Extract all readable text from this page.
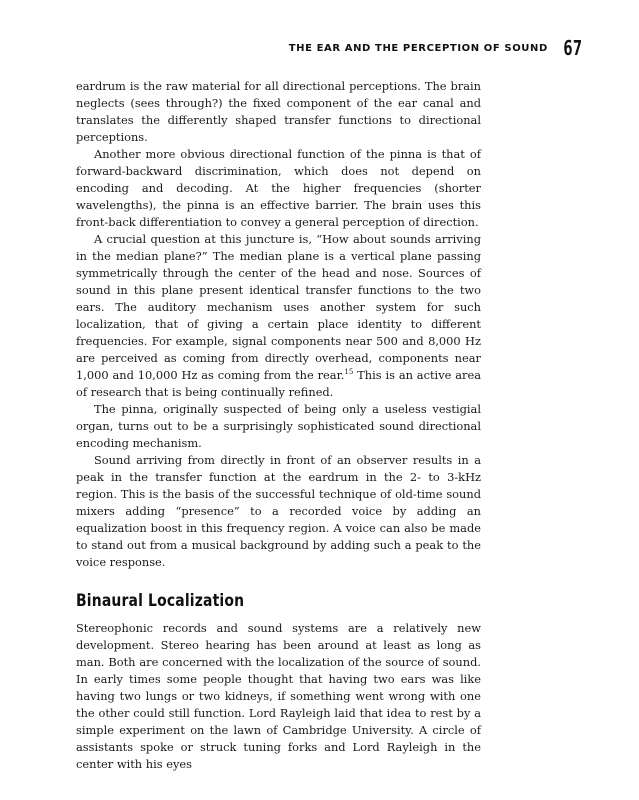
THE EAR AND THE PERCEPTION OF SOUND 67

eardrum is the raw material for all directional perceptions. The brain neglects (sees through?) the fixed component of the ear canal and translates the differently shaped transfer functions to directional perceptions.

Another more obvious directional function of the pinna is that of forward-backward discrimination, which does not depend on encoding and decoding. At the higher frequencies (shorter wavelengths), the pinna is an effective barrier. The brain uses this front-back differentiation to convey a general perception of direction.

A crucial question at this juncture is, “How about sounds arriving in the median plane?” The median plane is a vertical plane passing symmetrically through the center of the head and nose. Sources of sound in this plane present identical transfer functions to the two ears. The auditory mechanism uses another system for such localization, that of giving a certain place identity to different frequencies. For example, signal components near 500 and 8,000 Hz are perceived as coming from directly overhead, components near 1,000 and 10,000 Hz as coming from the rear.$^{15}$ This is an active area of research that is being continually refined.

The pinna, originally suspected of being only a useless vestigial organ, turns out to be a surprisingly sophisticated sound directional encoding mechanism.

Sound arriving from directly in front of an observer results in a peak in the transfer function at the eardrum in the 2- to 3-kHz region. This is the basis of the successful technique of old-time sound mixers adding “presence” to a recorded voice by adding an equalization boost in this frequency region. A voice can also be made to stand out from a musical background by adding such a peak to the voice response.

Binaural Localization

Stereophonic records and sound systems are a relatively new development. Stereo hearing has been around at least as long as man. Both are concerned with the localization of the source of sound. In early times some people thought that having two ears was like having two lungs or two kidneys, if something went wrong with one the other could still function. Lord Rayleigh laid that idea to rest by a simple experiment on the lawn of Cambridge University. A circle of assistants spoke or struck tuning forks and Lord Rayleigh in the center with his eyes
